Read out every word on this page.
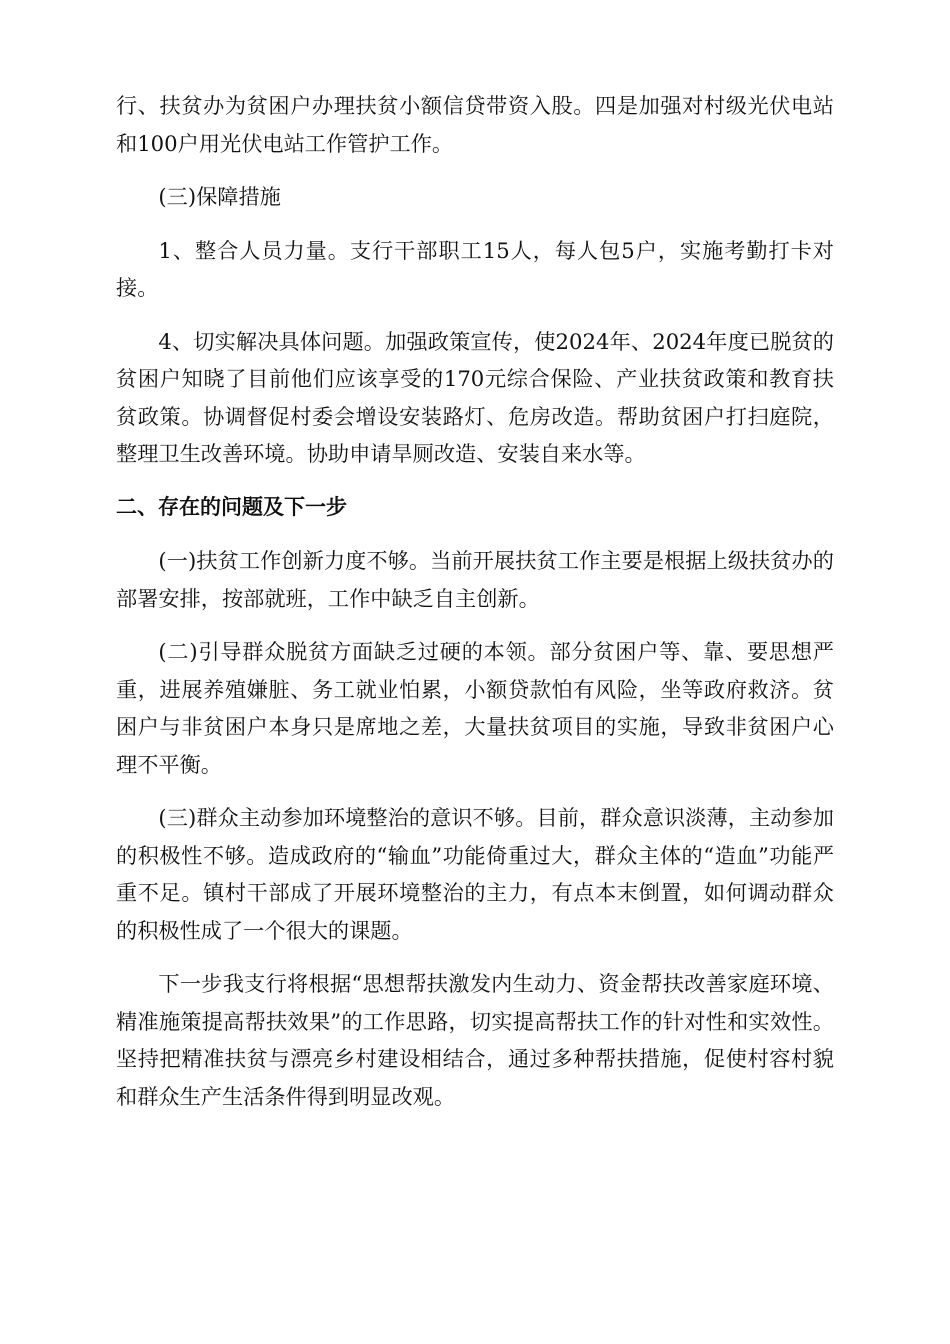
行、扶贫办为贫困户办理扶贫小额信贷带资入股。四是加强对村级光伏电站和100户用光伏电站工作管护工作。

(三)保障措施

1、整合人员力量。支行干部职工15人，每人包5户，实施考勤打卡对接。

4、切实解决具体问题。加强政策宣传，使2024年、2024年度已脱贫的贫困户知晓了目前他们应该享受的170元综合保险、产业扶贫政策和教育扶贫政策。协调督促村委会增设安装路灯、危房改造。帮助贫困户打扫庭院，整理卫生改善环境。协助申请旱厕改造、安装自来水等。

二、存在的问题及下一步

(一)扶贫工作创新力度不够。当前开展扶贫工作主要是根据上级扶贫办的部署安排，按部就班，工作中缺乏自主创新。

(二)引导群众脱贫方面缺乏过硬的本领。部分贫困户等、靠、要思想严重，进展养殖嫌脏、务工就业怕累，小额贷款怕有风险，坐等政府救济。贫困户与非贫困户本身只是席地之差，大量扶贫项目的实施，导致非贫困户心理不平衡。

(三)群众主动参加环境整治的意识不够。目前，群众意识淡薄，主动参加的积极性不够。造成政府的“输血”功能倚重过大，群众主体的“造血”功能严重不足。镇村干部成了开展环境整治的主力，有点本末倒置，如何调动群众的积极性成了一个很大的课题。

下一步我支行将根据“思想帮扶激发内生动力、资金帮扶改善家庭环境、精准施策提高帮扶效果”的工作思路，切实提高帮扶工作的针对性和实效性。坚持把精准扶贫与漂亮乡村建设相结合，通过多种帮扶措施，促使村容村貌和群众生产生活条件得到明显改观。
